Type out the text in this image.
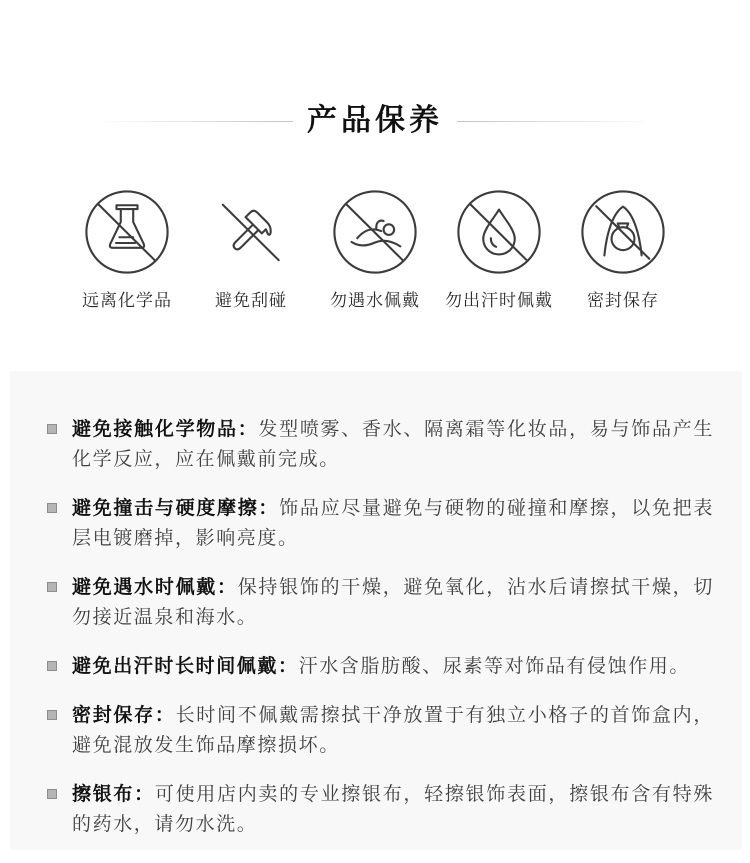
产品保养
远离化学品	避免刮碰	勿遇水佩戴	勿出汗时佩戴	密封保存

避免接触化学物品：发型喷雾、香水、隔离霜等化妆品，易与饰品产生化学反应，应在佩戴前完成。

避免撞击与硬度摩擦：饰品应尽量避免与硬物的碰撞和摩擦，以免把表层电镀磨掉，影响亮度。

避免遇水时佩戴：保持银饰的干燥，避免氧化，沾水后请擦拭干燥，切勿接近温泉和海水。

避免出汗时长时间佩戴：汗水含脂肪酸、尿素等对饰品有侵蚀作用。

密封保存：长时间不佩戴需擦拭干净放置于有独立小格子的首饰盒内，避免混放发生饰品摩擦损坏。

擦银布：可使用店内卖的专业擦银布，轻擦银饰表面，擦银布含有特殊的药水，请勿水洗。
